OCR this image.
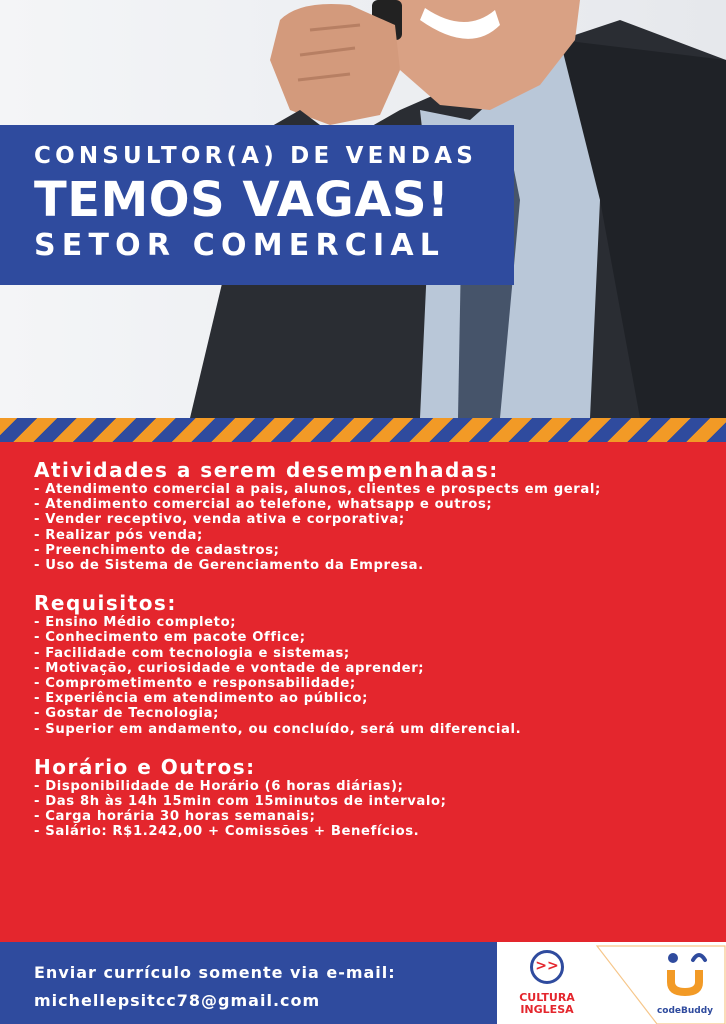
CONSULTOR(A) DE VENDAS
TEMOS VAGAS!
SETOR COMERCIAL
Atividades a serem desempenhadas:
- Atendimento comercial a pais, alunos, clientes e prospects em geral;
- Atendimento comercial ao telefone, whatsapp e outros;
- Vender receptivo, venda ativa e corporativa;
- Realizar pós venda;
- Preenchimento de cadastros;
- Uso de Sistema de Gerenciamento da Empresa.
Requisitos:
- Ensino Médio completo;
- Conhecimento em pacote Office;
- Facilidade com tecnologia e sistemas;
- Motivação, curiosidade e vontade de aprender;
- Comprometimento e responsabilidade;
- Experiência em atendimento ao público;
- Gostar de Tecnologia;
- Superior em andamento, ou concluído, será um diferencial.
Horário e Outros:
- Disponibilidade de Horário (6 horas diárias);
- Das 8h às 14h 15min com 15minutos de intervalo;
- Carga horária 30 horas semanais;
- Salário: R$1.242,00 + Comissões + Benefícios.
Enviar currículo somente via e-mail:
michellepsitcc78@gmail.com
>>
CULTURA
INGLESA	codeBuddy
